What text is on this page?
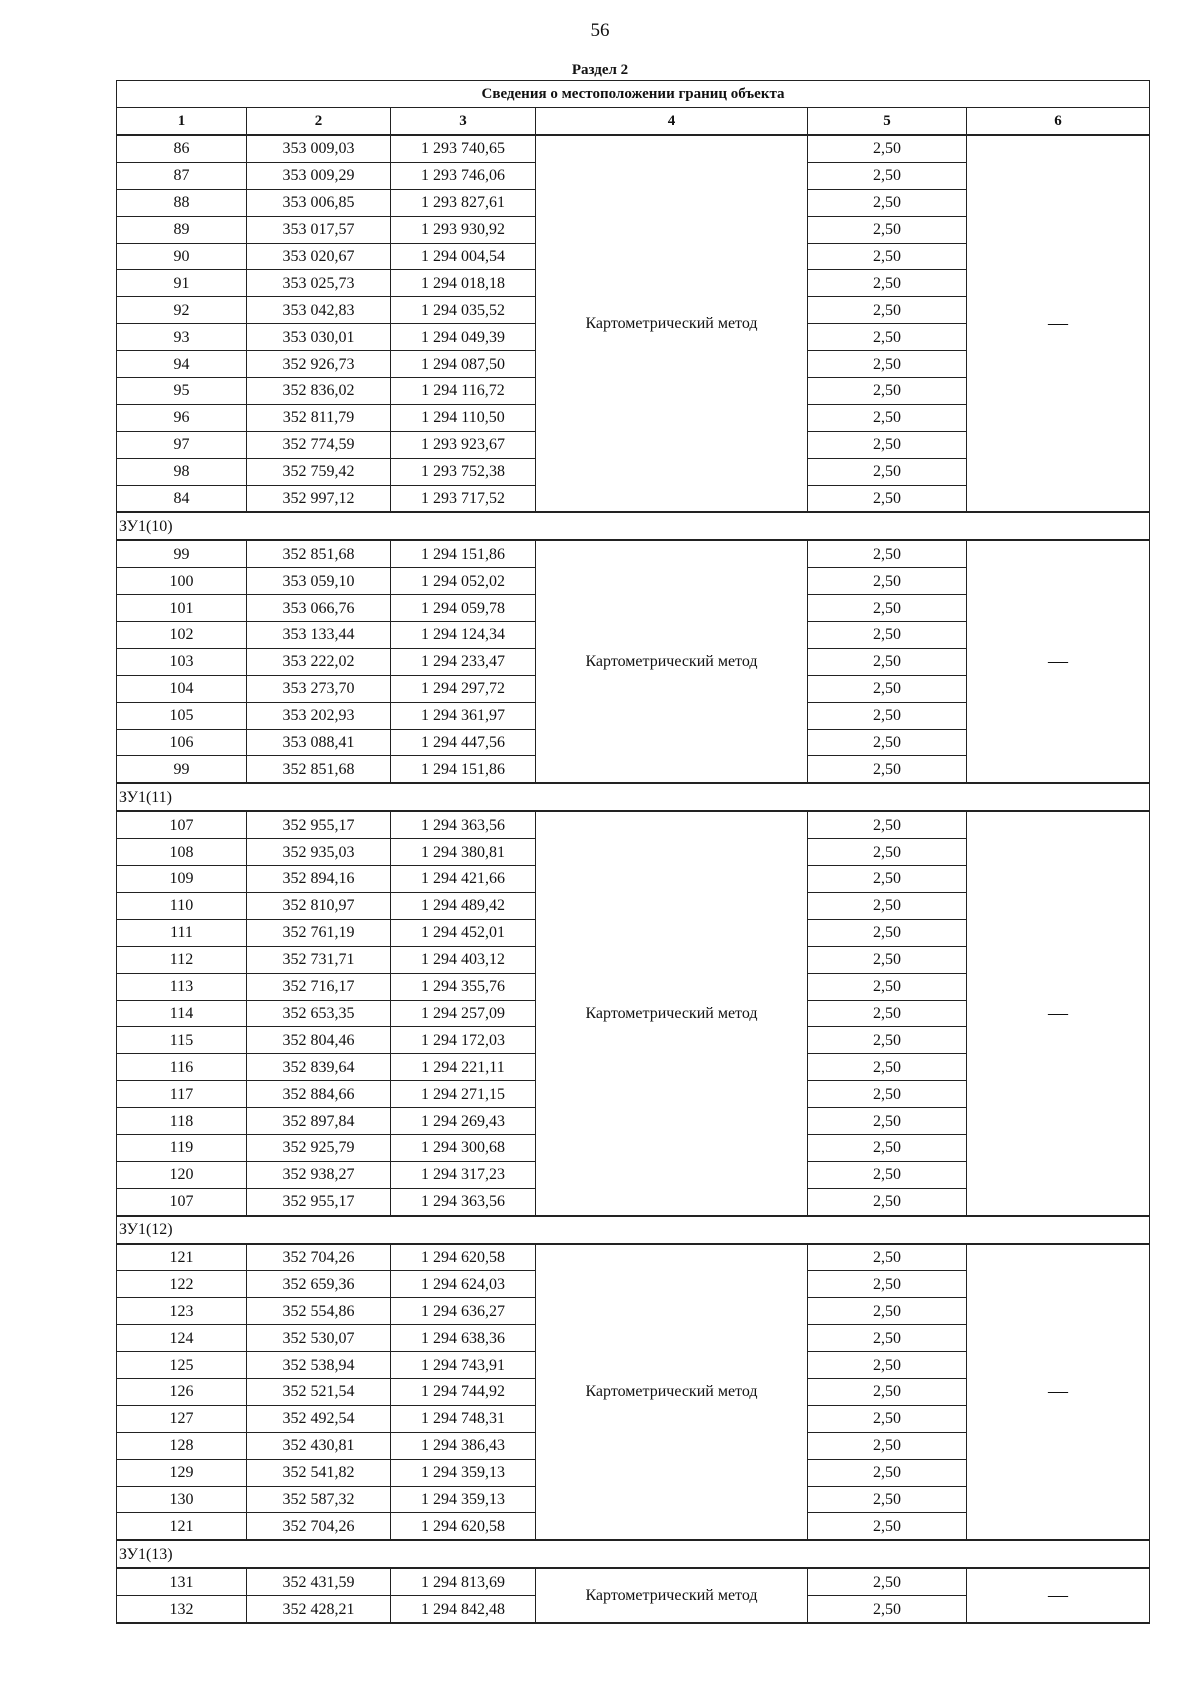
56
Раздел 2
Сведения о местоположении границ объекта					
1	2	3	4	5	6
86	353 009,03	1 293 740,65	Картометрический метод	2,50	—
87	353 009,29	1 293 746,06		2,50	
88	353 006,85	1 293 827,61		2,50	
89	353 017,57	1 293 930,92		2,50	
90	353 020,67	1 294 004,54		2,50	
91	353 025,73	1 294 018,18		2,50	
92	353 042,83	1 294 035,52		2,50	
93	353 030,01	1 294 049,39		2,50	
94	352 926,73	1 294 087,50		2,50	
95	352 836,02	1 294 116,72		2,50	
96	352 811,79	1 294 110,50		2,50	
97	352 774,59	1 293 923,67		2,50	
98	352 759,42	1 293 752,38		2,50	
84	352 997,12	1 293 717,52		2,50	
ЗУ1(10)					
99	352 851,68	1 294 151,86	Картометрический метод	2,50	—
100	353 059,10	1 294 052,02		2,50	
101	353 066,76	1 294 059,78		2,50	
102	353 133,44	1 294 124,34		2,50	
103	353 222,02	1 294 233,47		2,50	
104	353 273,70	1 294 297,72		2,50	
105	353 202,93	1 294 361,97		2,50	
106	353 088,41	1 294 447,56		2,50	
99	352 851,68	1 294 151,86		2,50	
ЗУ1(11)					
107	352 955,17	1 294 363,56	Картометрический метод	2,50	—
108	352 935,03	1 294 380,81		2,50	
109	352 894,16	1 294 421,66		2,50	
110	352 810,97	1 294 489,42		2,50	
111	352 761,19	1 294 452,01		2,50	
112	352 731,71	1 294 403,12		2,50	
113	352 716,17	1 294 355,76		2,50	
114	352 653,35	1 294 257,09		2,50	
115	352 804,46	1 294 172,03		2,50	
116	352 839,64	1 294 221,11		2,50	
117	352 884,66	1 294 271,15		2,50	
118	352 897,84	1 294 269,43		2,50	
119	352 925,79	1 294 300,68		2,50	
120	352 938,27	1 294 317,23		2,50	
107	352 955,17	1 294 363,56		2,50	
ЗУ1(12)					
121	352 704,26	1 294 620,58	Картометрический метод	2,50	—
122	352 659,36	1 294 624,03		2,50	
123	352 554,86	1 294 636,27		2,50	
124	352 530,07	1 294 638,36		2,50	
125	352 538,94	1 294 743,91		2,50	
126	352 521,54	1 294 744,92		2,50	
127	352 492,54	1 294 748,31		2,50	
128	352 430,81	1 294 386,43		2,50	
129	352 541,82	1 294 359,13		2,50	
130	352 587,32	1 294 359,13		2,50	
121	352 704,26	1 294 620,58		2,50	
ЗУ1(13)					
131	352 431,59	1 294 813,69	Картометрический метод	2,50	—
132	352 428,21	1 294 842,48		2,50	
